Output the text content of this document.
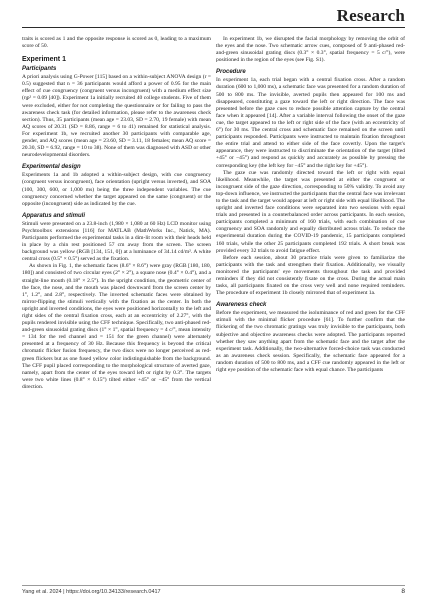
Research

traits is scored as 1 and the opposite response is scored as 0, leading to a maximum score of 50.

Experiment 1
Participants

A priori analysis using G-Power [115] based on a within-subject ANOVA design (r = 0.5) suggested that n = 36 participants would afford a power of 0.95 for the main effect of cue congruency (congruent versus incongruent) with a medium effect size (ηp² = 0.09 [40]). Experiment 1a initially recruited 40 college students. Five of them were excluded, either for not completing the questionnaire or for failing to pass the awareness check task (for detailed information, please refer to the awareness check section). Thus, 35 participants (mean age = 23.03, SD = 2.70, 19 female) with mean AQ scores of 20.31 (SD = 8.86, range = 6 to 41) remained for statistical analysis. For experiment 1b, we recruited another 30 participants with comparable age, gender, and AQ scores (mean age = 23.60, SD = 3.11, 18 females; mean AQ score = 20.30, SD = 6.92, range = 10 to 38). None of them was diagnosed with ASD or other neurodevelopmental disorders.

Experimental design

Experiments 1a and 1b adopted a within-subject design, with cue congruency (congruent versus incongruent), face orientation (upright versus inverted), and SOA (100, 300, 600, or 1,000 ms) being the three independent variables. The cue congruency concerned whether the target appeared on the same (congruent) or the opposite (incongruent) side as indicated by the cue.

Apparatus and stimuli

Stimuli were presented on a 23.8-inch (1,980 × 1,080 at 60 Hz) LCD monitor using Psychtoolbox extensions [116] for MATLAB (MathWorks Inc., Natick, MA). Participants performed the experimental tasks in a dim-lit room with their heads held in place by a chin rest positioned 57 cm away from the screen. The screen background was yellow (RGB [134, 151, 0]) at a luminance of 34.14 cd/m². A white central cross (0.5° × 0.5°) served as the fixation.

As shown in Fig. 1, the schematic faces (8.6° × 8.6°) were gray (RGB [180, 180, 180]) and consisted of two circular eyes (2° × 2°), a square nose (0.4° × 0.4°), and a straight-line mouth (0.18° × 2.5°). In the upright condition, the geometric center of the face, the nose, and the mouth was placed downward from the screen center by 1°, 1.2°, and 2.8°, respectively. The inverted schematic faces were obtained by mirror-flipping the stimuli vertically with the fixation as the center. In both the upright and inverted conditions, the eyes were positioned horizontally to the left and right sides of the central fixation cross, each at an eccentricity of 2.27°, with the pupils rendered invisible using the CFF technique. Specifically, two anti-phased red-and-green sinusoidal grating discs (1° × 1°, spatial frequency = 4 c/°, mean intensity = 134 for the red channel and = 151 for the green channel) were alternately presented at a frequency of 30 Hz. Because this frequency is beyond the critical chromatic flicker fusion frequency, the two discs were no longer perceived as red-green flickers but as one fused yellow color indistinguishable from the background. The CFF pupil placed corresponding to the morphological structure of averted gaze, namely, apart from the center of the eyes toward left or right by 0.3°. The targets were two white lines (0.8° × 0.15°) tilted either +45° or −45° from the vertical direction.

In experiment 1b, we disrupted the facial morphology by removing the orbit of the eyes and the nose. Two schematic arrow cues, composed of 9 anti-phased red-and-green sinusoidal grating discs (0.3° × 0.3°, spatial frequency = 5 c/°), were positioned in the region of the eyes (see Fig. S1).

Procedure

In experiment 1a, each trial began with a central fixation cross. After a random duration (600 to 1,000 ms), a schematic face was presented for a random duration of 500 to 800 ms. The invisible, averted pupils then appeared for 100 ms and disappeared, constituting a gaze toward the left or right direction. The face was presented before the gaze cues to reduce possible attention capture by the central face when it appeared [14]. After a variable interval following the onset of the gaze cue, the target appeared to the left or right side of the face (with an eccentricity of 6°) for 30 ms. The central cross and schematic face remained on the screen until participants responded. Participants were instructed to maintain fixation throughout the entire trial and attend to either side of the face covertly. Upon the target's appearance, they were instructed to discriminate the orientation of the target (tilted +45° or −45°) and respond as quickly and accurately as possible by pressing the corresponding key (the left key for −45° and the right key for +45°).

The gaze cue was randomly directed toward the left or right with equal likelihood. Meanwhile, the target was presented at either the congruent or incongruent side of the gaze direction, corresponding to 50% validity. To avoid any top-down influence, we instructed the participants that the central face was irrelevant to the task and the target would appear at left or right side with equal likelihood. The upright and inverted face conditions were separated into two sessions with equal trials and presented in a counterbalanced order across participants. In each session, participants completed a minimum of 160 trials, with each combination of cue congruency and SOA randomly and equally distributed across trials. To reduce the experimental duration during the COVID-19 pandemic, 15 participants completed 160 trials, while the other 25 participants completed 192 trials. A short break was provided every 32 trials to avoid fatigue effect.

Before each session, about 30 practice trials were given to familiarize the participants with the task and strengthen their fixation. Additionally, we visually monitored the participants' eye movements throughout the task and provided reminders if they did not consistently fixate on the cross. During the actual main tasks, all participants fixated on the cross very well and none required reminders. The procedure of experiment 1b closely mirrored that of experiment 1a.

Awareness check

Before the experiment, we measured the isoluminance of red and green for the CFF stimuli with the minimal flicker procedure [61]. To further confirm that the flickering of the two chromatic gratings was truly invisible to the participants, both subjective and objective awareness checks were adopted. The participants reported whether they saw anything apart from the schematic face and the target after the experiment task. Additionally, the two-alternative forced-choice task was conducted as an awareness check session. Specifically, the schematic face appeared for a random duration of 500 to 800 ms, and a CFF cue randomly appeared in the left or right eye position of the schematic face with equal chance. The participants

Yang et al. 2024 | https://doi.org/10.34133/research.0417	8
